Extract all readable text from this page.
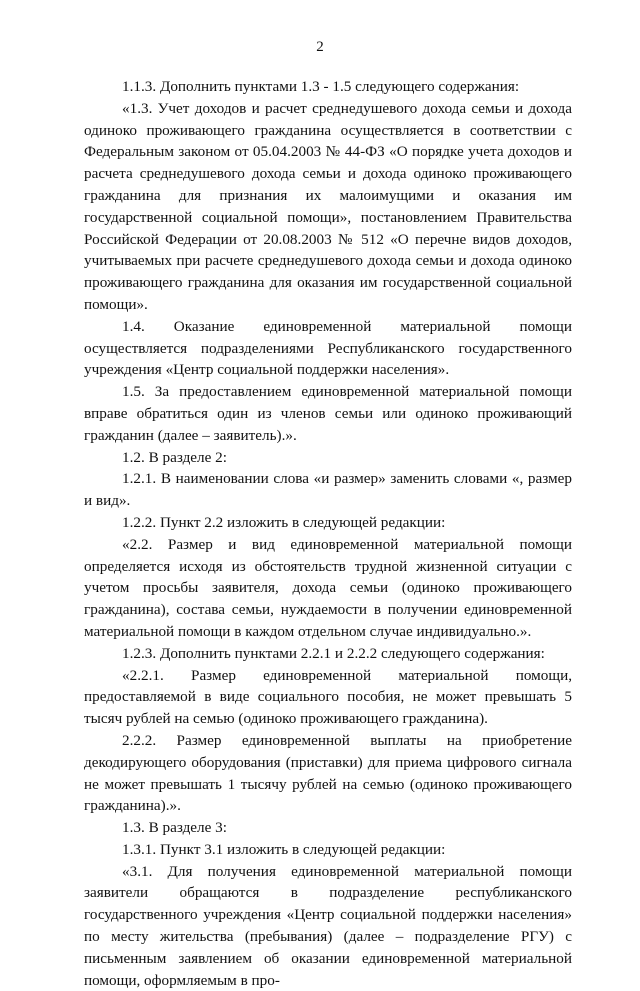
2

1.1.3. Дополнить пунктами 1.3 - 1.5 следующего содержания:

«1.3. Учет доходов и расчет среднедушевого дохода семьи и дохода одиноко проживающего гражданина осуществляется в соответствии с Федеральным законом от 05.04.2003 № 44-ФЗ «О порядке учета доходов и расчета среднедушевого дохода семьи и дохода одиноко проживающего гражданина для признания их малоимущими и оказания им государственной социальной помощи», постановлением Правительства Российской Федерации от 20.08.2003 № 512 «О перечне видов доходов, учитываемых при расчете среднедушевого дохода семьи и дохода одиноко проживающего гражданина для оказания им государственной социальной помощи».

1.4. Оказание единовременной материальной помощи осуществляется подразделениями Республиканского государственного учреждения «Центр социальной поддержки населения».

1.5. За предоставлением единовременной материальной помощи вправе обратиться один из членов семьи или одиноко проживающий гражданин (далее – заявитель).».

1.2. В разделе 2:

1.2.1. В наименовании слова «и размер» заменить словами «, размер и вид».

1.2.2. Пункт 2.2 изложить в следующей редакции:

«2.2. Размер и вид единовременной материальной помощи определяется исходя из обстоятельств трудной жизненной ситуации с учетом просьбы заявителя, дохода семьи (одиноко проживающего гражданина), состава семьи, нуждаемости в получении единовременной материальной помощи в каждом отдельном случае индивидуально.».

1.2.3. Дополнить пунктами 2.2.1 и 2.2.2 следующего содержания:

«2.2.1. Размер единовременной материальной помощи, предоставляемой в виде социального пособия, не может превышать 5 тысяч рублей на семью (одиноко проживающего гражданина).

2.2.2. Размер единовременной выплаты на приобретение декодирующего оборудования (приставки) для приема цифрового сигнала не может превышать 1 тысячу рублей на семью (одиноко проживающего гражданина).».

1.3. В разделе 3:

1.3.1. Пункт 3.1 изложить в следующей редакции:

«3.1. Для получения единовременной материальной помощи заявители обращаются в подразделение республиканского государственного учреждения «Центр социальной поддержки населения» по месту жительства (пребывания) (далее – подразделение РГУ) с письменным заявлением об оказании единовременной материальной помощи, оформляемым в про-
